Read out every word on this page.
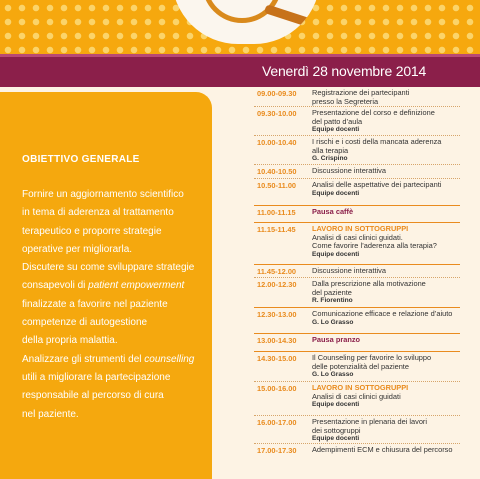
Venerdì 28 novembre 2014
OBIETTIVO GENERALE

Fornire un aggiornamento scientifico
in tema di aderenza al trattamento
terapeutico e proporre strategie
operative per migliorarla.
Discutere su come sviluppare strategie
consapevoli di patient empowerment
finalizzate a favorire nel paziente
competenze di autogestione
della propria malattia.
Analizzare gli strumenti del counselling
utili a migliorare la partecipazione
responsabile al percorso di cura
nel paziente.

09.00-09.30	Registrazione dei partecipanti
presso la Segreteria
09.30-10.00	Presentazione del corso e definizione
del patto d’aula
Equipe docenti
10.00-10.40	I rischi e i costi della mancata aderenza
alla terapia
G. Crispino
10.40-10.50	Discussione interattiva
10.50-11.00	Analisi delle aspettative dei partecipanti
Equipe docenti
11.00-11.15	Pausa caffè
11.15-11.45	LAVORO IN SOTTOGRUPPI
Analisi di casi clinici guidati.
Come favorire l’aderenza alla terapia?
Equipe docenti
11.45-12.00	Discussione interattiva
12.00-12.30	Dalla prescrizione alla motivazione
del paziente
R. Fiorentino
12.30-13.00	Comunicazione efficace e relazione d’aiuto
G. Lo Grasso
13.00-14.30	Pausa pranzo
14.30-15.00	Il Counseling per favorire lo sviluppo
delle potenzialità del paziente
G. Lo Grasso
15.00-16.00	LAVORO IN SOTTOGRUPPI
Analisi di casi clinici guidati
Equipe docenti
16.00-17.00	Presentazione in plenaria dei lavori
dei sottogruppi
Equipe docenti
17.00-17.30	Adempimenti ECM e chiusura del percorso
